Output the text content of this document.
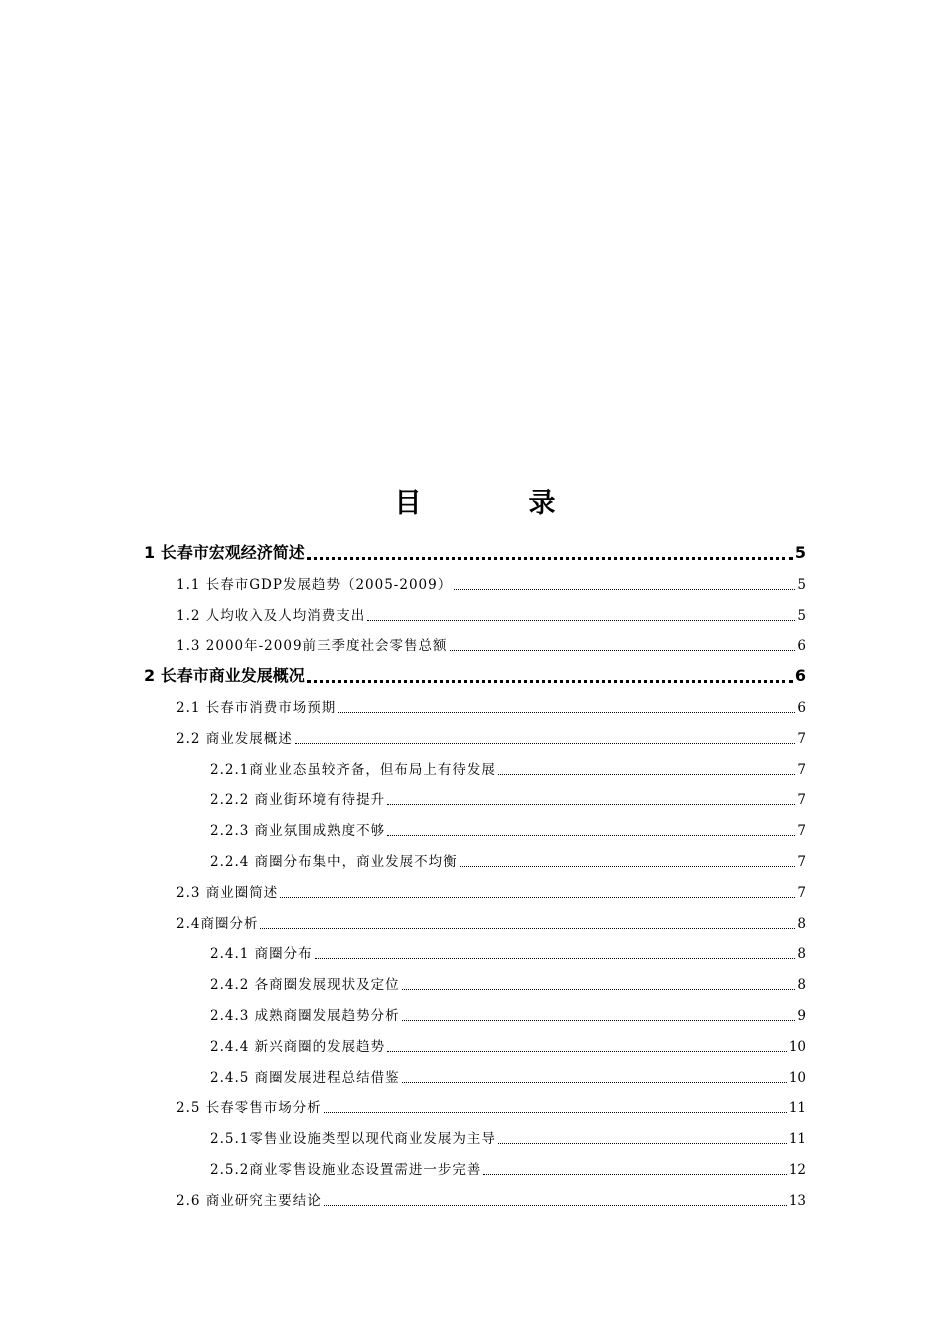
目　录
1 长春市宏观经济简述	5
1.1 长春市GDP发展趋势（2005-2009）	5
1.2 人均收入及人均消费支出	5
1.3 2000年-2009前三季度社会零售总额	6
2 长春市商业发展概况	6
2.1 长春市消费市场预期	6
2.2 商业发展概述	7
2.2.1商业业态虽较齐备，但布局上有待发展	7
2.2.2 商业街环境有待提升	7
2.2.3 商业氛围成熟度不够	7
2.2.4 商圈分布集中，商业发展不均衡	7
2.3 商业圈简述	7
2.4商圈分析	8
2.4.1 商圈分布	8
2.4.2 各商圈发展现状及定位	8
2.4.3 成熟商圈发展趋势分析	9
2.4.4 新兴商圈的发展趋势	10
2.4.5 商圈发展进程总结借鉴	10
2.5 长春零售市场分析	11
2.5.1零售业设施类型以现代商业发展为主导	11
2.5.2商业零售设施业态设置需进一步完善	12
2.6 商业研究主要结论	13
